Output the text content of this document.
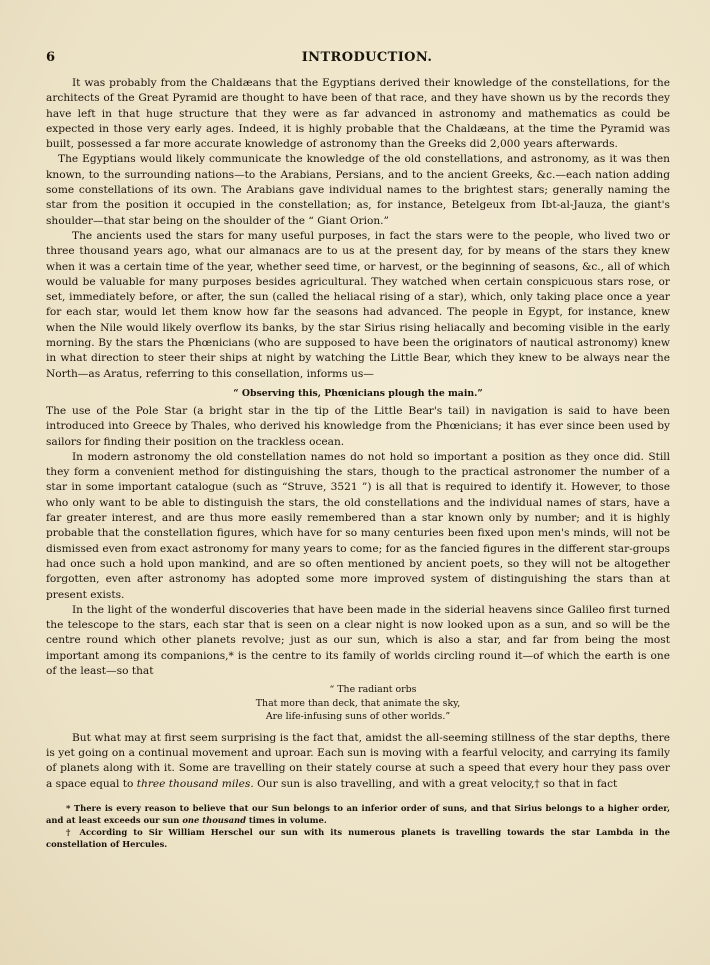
6	INTRODUCTION.

It was probably from the Chaldæans that the Egyptians derived their knowledge of the constellations, for the architects of the Great Pyramid are thought to have been of that race, and they have shown us by the records they have left in that huge structure that they were as far advanced in astronomy and mathematics as could be expected in those very early ages. Indeed, it is highly probable that the Chaldæans, at the time the Pyramid was built, possessed a far more accurate knowledge of astronomy than the Greeks did 2,000 years afterwards.

The Egyptians would likely communicate the knowledge of the old constellations, and astronomy, as it was then known, to the surrounding nations—to the Arabians, Persians, and to the ancient Greeks, &c.—each nation adding some constellations of its own. The Arabians gave individual names to the brightest stars; generally naming the star from the position it occupied in the constellation; as, for instance, Betelgeux from Ibt-al-Jauza, the giant's shoulder—that star being on the shoulder of the “ Giant Orion.”

The ancients used the stars for many useful purposes, in fact the stars were to the people, who lived two or three thousand years ago, what our almanacs are to us at the present day, for by means of the stars they knew when it was a certain time of the year, whether seed time, or harvest, or the beginning of seasons, &c., all of which would be valuable for many purposes besides agricultural. They watched when certain conspicuous stars rose, or set, immediately before, or after, the sun (called the heliacal rising of a star), which, only taking place once a year for each star, would let them know how far the seasons had advanced. The people in Egypt, for instance, knew when the Nile would likely overflow its banks, by the star Sirius rising heliacally and becoming visible in the early morning. By the stars the Phœnicians (who are supposed to have been the originators of nautical astronomy) knew in what direction to steer their ships at night by watching the Little Bear, which they knew to be always near the North—as Aratus, referring to this consellation, informs us—

“ Observing this, Phœnicians plough the main.”

The use of the Pole Star (a bright star in the tip of the Little Bear's tail) in navigation is said to have been introduced into Greece by Thales, who derived his knowledge from the Phœnicians; it has ever since been used by sailors for finding their position on the trackless ocean.

In modern astronomy the old constellation names do not hold so important a position as they once did. Still they form a convenient method for distinguishing the stars, though to the practical astronomer the number of a star in some important catalogue (such as “Struve, 3521 ”) is all that is required to identify it. However, to those who only want to be able to distinguish the stars, the old constellations and the individual names of stars, have a far greater interest, and are thus more easily remembered than a star known only by number; and it is highly probable that the constellation figures, which have for so many centuries been fixed upon men's minds, will not be dismissed even from exact astronomy for many years to come; for as the fancied figures in the different star-groups had once such a hold upon mankind, and are so often mentioned by ancient poets, so they will not be altogether forgotten, even after astronomy has adopted some more improved system of distinguishing the stars than at present exists.

In the light of the wonderful discoveries that have been made in the siderial heavens since Galileo first turned the telescope to the stars, each star that is seen on a clear night is now looked upon as a sun, and so will be the centre round which other planets revolve; just as our sun, which is also a star, and far from being the most important among its companions,* is the centre to its family of worlds circling round it—of which the earth is one of the least—so that

“ The radiant orbs
That more than deck, that animate the sky,
Are life-infusing suns of other worlds.”

But what may at first seem surprising is the fact that, amidst the all-seeming stillness of the star depths, there is yet going on a continual movement and uproar. Each sun is moving with a fearful velocity, and carrying its family of planets along with it. Some are travelling on their stately course at such a speed that every hour they pass over a space equal to three thousand miles. Our sun is also travelling, and with a great velocity,† so that in fact

* There is every reason to believe that our Sun belongs to an inferior order of suns, and that Sirius belongs to a higher order, and at least exceeds our sun one thousand times in volume.

† According to Sir William Herschel our sun with its numerous planets is travelling towards the star Lambda in the constellation of Hercules.
